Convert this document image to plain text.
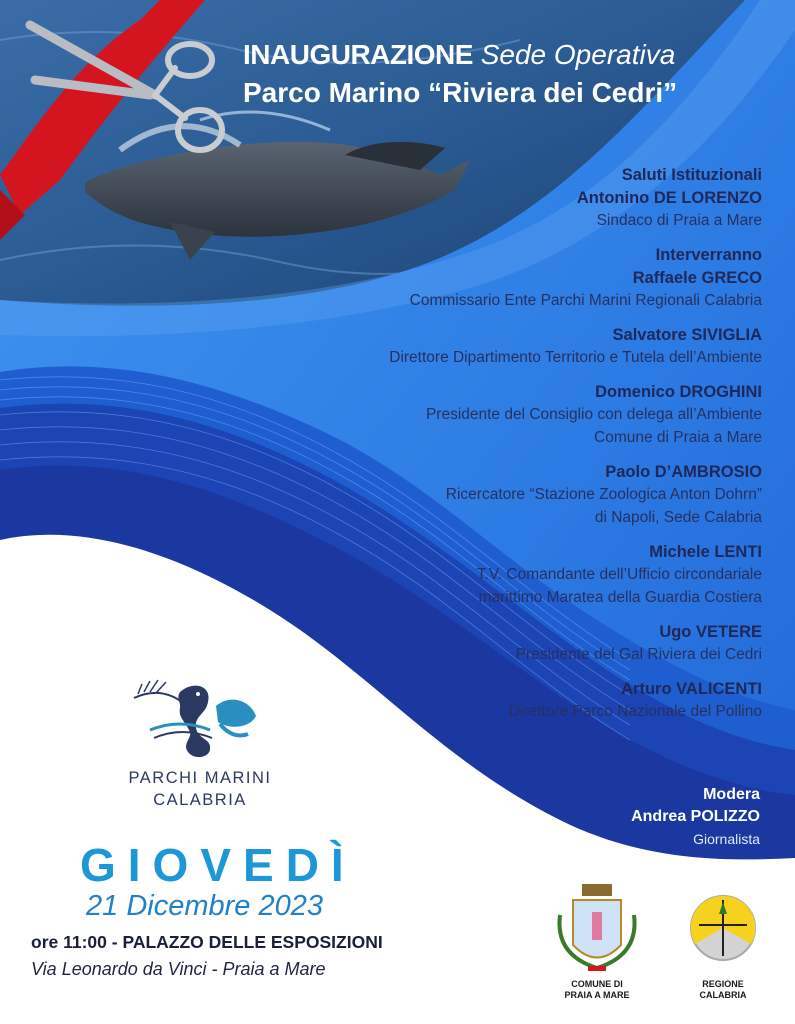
INAUGURAZIONE Sede Operativa
Parco Marino “Riviera dei Cedri”
Saluti Istituzionali
Antonino DE LORENZO
Sindaco di Praia a Mare
Interverranno
Raffaele GRECO
Commissario Ente Parchi Marini Regionali Calabria
Salvatore SIVIGLIA
Direttore Dipartimento Territorio e Tutela dell’Ambiente
Domenico DROGHINI
Presidente del Consiglio con delega all’Ambiente
Comune di Praia a Mare
Paolo D’AMBROSIO
Ricercatore “Stazione Zoologica Anton Dohrn”
di Napoli, Sede Calabria
Michele LENTI
T.V. Comandante dell’Ufficio circondariale
marittimo Maratea della Guardia Costiera
Ugo VETERE
Presidente del Gal Riviera dei Cedri
Arturo VALICENTI
Direttore Parco Nazionale del Pollino
Modera
Andrea POLIZZO
Giornalista
PARCHI MARINI
CALABRIA
GIOVEDÌ
21 Dicembre 2023
ore 11:00 - PALAZZO DELLE ESPOSIZIONI
Via Leonardo da Vinci - Praia a Mare
COMUNE DI
PRAIA A MARE
REGIONE
CALABRIA
